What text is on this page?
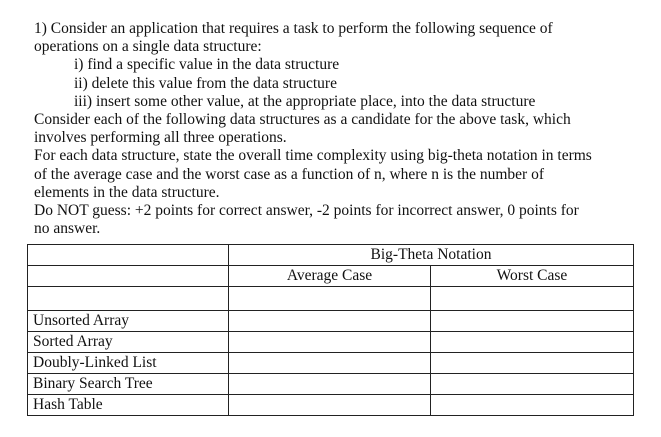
1) Consider an application that requires a task to perform the following sequence of

operations on a single data structure:

i) find a specific value in the data structure

ii) delete this value from the data structure

iii) insert some other value, at the appropriate place, into the data structure

Consider each of the following data structures as a candidate for the above task, which

involves performing all three operations.

For each data structure, state the overall time complexity using big-theta notation in terms

of the average case and the worst case as a function of n, where n is the number of

elements in the data structure.

Do NOT guess: +2 points for correct answer, -2 points for incorrect answer, 0 points for

no answer.

	Big-Theta Notation	
	Average Case	Worst Case

Unsorted Array		
Sorted Array		
Doubly-Linked List		
Binary Search Tree		
Hash Table		
